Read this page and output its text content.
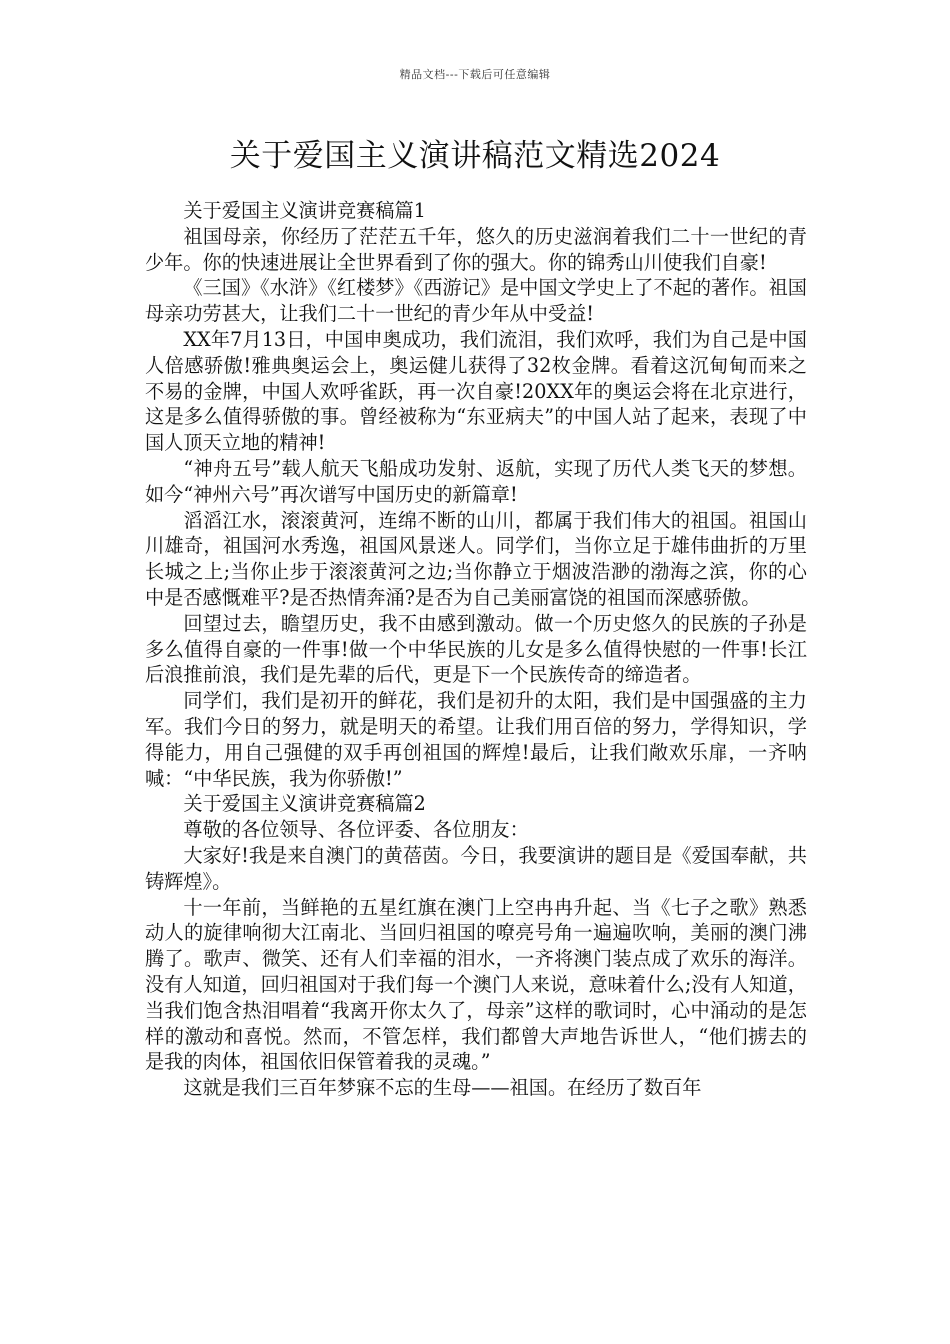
精品文档---下载后可任意编辑
关于爱国主义演讲稿范文精选2024

关于爱国主义演讲竞赛稿篇1

祖国母亲，你经历了茫茫五千年，悠久的历史滋润着我们二十一世纪的青少年。你的快速进展让全世界看到了你的强大。你的锦秀山川使我们自豪!

《三国》《水浒》《红楼梦》《西游记》是中国文学史上了不起的著作。祖国母亲功劳甚大，让我们二十一世纪的青少年从中受益!

XX年7月13日，中国申奥成功，我们流泪，我们欢呼，我们为自己是中国人倍感骄傲!雅典奥运会上，奥运健儿获得了32枚金牌。看着这沉甸甸而来之不易的金牌，中国人欢呼雀跃，再一次自豪!20XX年的奥运会将在北京进行，这是多么值得骄傲的事。曾经被称为“东亚病夫”的中国人站了起来，表现了中国人顶天立地的精神!

“神舟五号”载人航天飞船成功发射、返航，实现了历代人类飞天的梦想。如今“神州六号”再次谱写中国历史的新篇章!

滔滔江水，滚滚黄河，连绵不断的山川，都属于我们伟大的祖国。祖国山川雄奇，祖国河水秀逸，祖国风景迷人。同学们，当你立足于雄伟曲折的万里长城之上;当你止步于滚滚黄河之边;当你静立于烟波浩渺的渤海之滨，你的心中是否感慨难平?是否热情奔涌?是否为自己美丽富饶的祖国而深感骄傲。

回望过去，瞻望历史，我不由感到激动。做一个历史悠久的民族的子孙是多么值得自豪的一件事!做一个中华民族的儿女是多么值得快慰的一件事!长江后浪推前浪，我们是先辈的后代，更是下一个民族传奇的缔造者。

同学们，我们是初开的鲜花，我们是初升的太阳，我们是中国强盛的主力军。我们今日的努力，就是明天的希望。让我们用百倍的努力，学得知识，学得能力，用自己强健的双手再创祖国的辉煌!最后，让我们敞欢乐扉，一齐呐喊：“中华民族，我为你骄傲!”

关于爱国主义演讲竞赛稿篇2

尊敬的各位领导、各位评委、各位朋友：

大家好!我是来自澳门的黄蓓茵。今日，我要演讲的题目是《爱国奉献，共铸辉煌》。

十一年前，当鲜艳的五星红旗在澳门上空冉冉升起、当《七子之歌》熟悉动人的旋律响彻大江南北、当回归祖国的嘹亮号角一遍遍吹响，美丽的澳门沸腾了。歌声、微笑、还有人们幸福的泪水，一齐将澳门装点成了欢乐的海洋。没有人知道，回归祖国对于我们每一个澳门人来说，意味着什么;没有人知道，当我们饱含热泪唱着“我离开你太久了，母亲”这样的歌词时，心中涌动的是怎样的激动和喜悦。然而，不管怎样，我们都曾大声地告诉世人，“他们掳去的是我的肉体，祖国依旧保管着我的灵魂。”

这就是我们三百年梦寐不忘的生母——祖国。在经历了数百年
